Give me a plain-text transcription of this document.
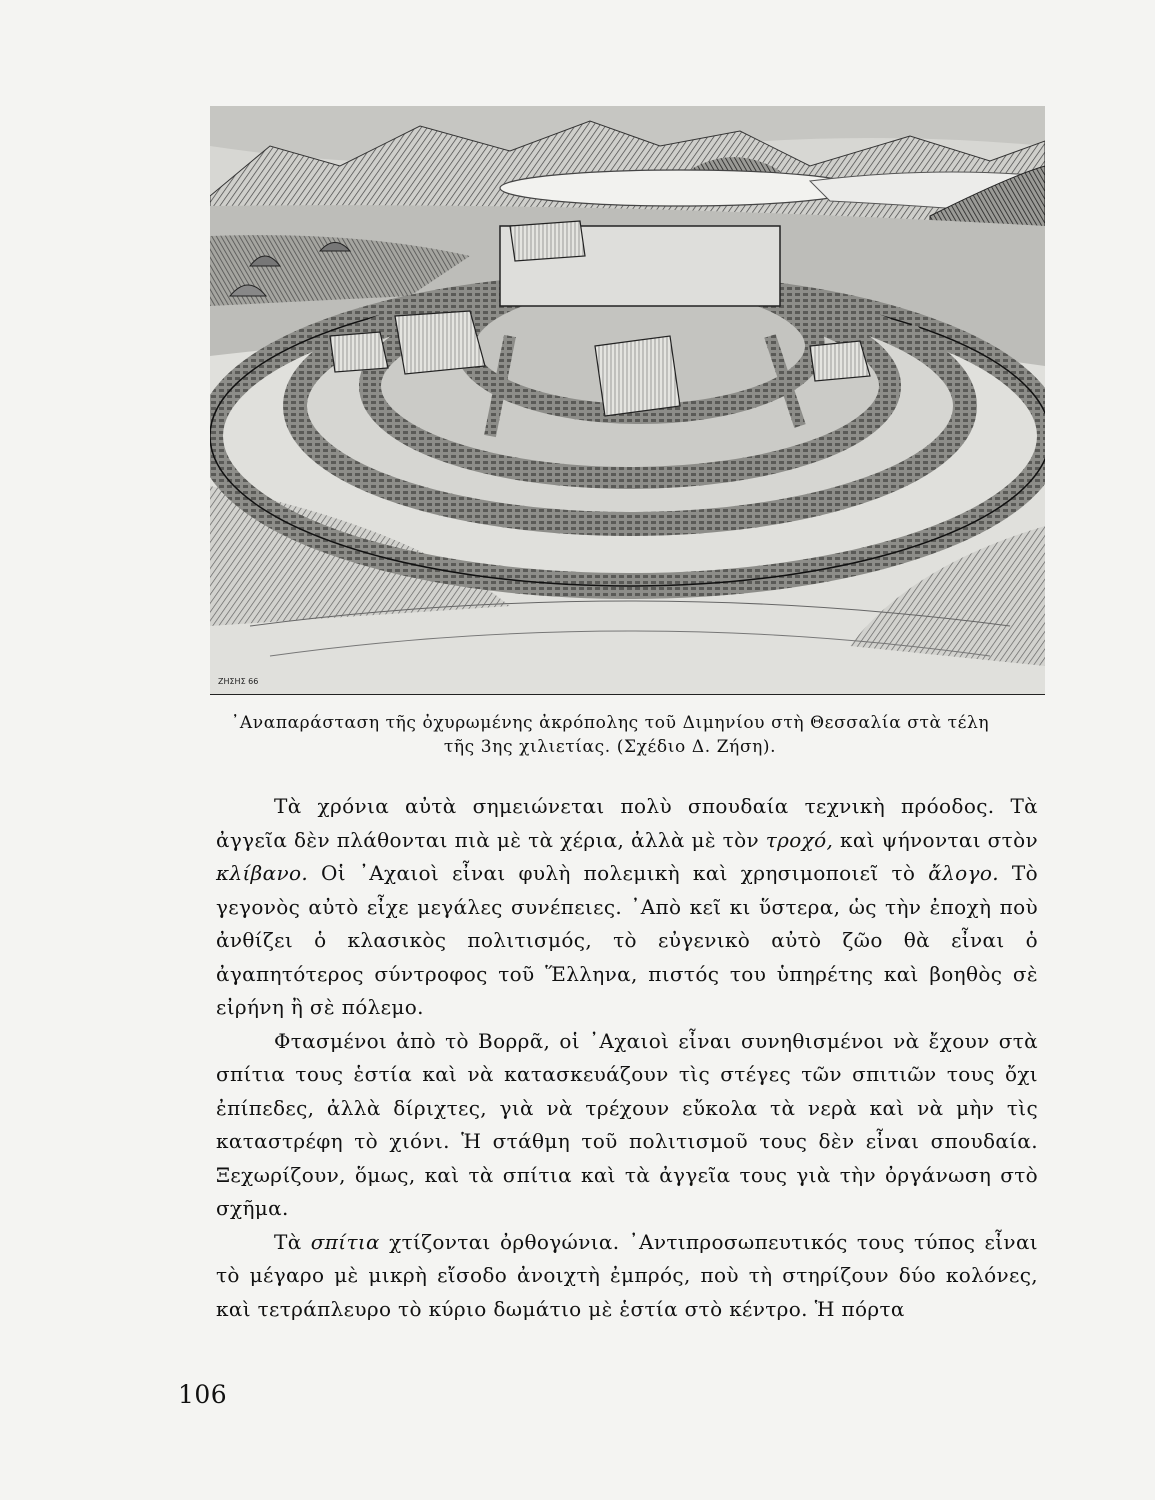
ZHΣHΣ 66
᾿Αναπαράσταση τῆς ὀχυρωμένης ἀκρόπολης τοῦ Διμηνίου στὴ Θεσσαλία στὰ τέλη
τῆς 3ης χιλιετίας. (Σχέδιο Δ. Ζήση).

Τὰ χρόνια αὐτὰ σημειώνεται πολὺ σπουδαία τεχνικὴ πρόοδος. Τὰ ἀγγεῖα δὲν πλάθονται πιὰ μὲ τὰ χέρια, ἀλλὰ μὲ τὸν τροχό, καὶ ψήνονται στὸν κλίβανο. Οἱ ᾿Αχαιοὶ εἶναι φυλὴ πολεμικὴ καὶ χρησιμοποιεῖ τὸ ἄλογο. Τὸ γεγονὸς αὐτὸ εἶχε μεγάλες συνέπειες. ᾿Απὸ κεῖ κι ὕστερα, ὡς τὴν ἐποχὴ ποὺ ἀνθίζει ὁ κλασικὸς πολιτισμός, τὸ εὐγενικὸ αὐτὸ ζῶο θὰ εἶναι ὁ ἀγαπητότερος σύντροφος τοῦ Ἕλληνα, πιστός του ὑπηρέτης καὶ βοηθὸς σὲ εἰρήνη ἢ σὲ πόλεμο.

Φτασμένοι ἀπὸ τὸ Βορρᾶ, οἱ ᾿Αχαιοὶ εἶναι συνηθισμένοι νὰ ἔχουν στὰ σπίτια τους ἑστία καὶ νὰ κατασκευάζουν τὶς στέγες τῶν σπιτιῶν τους ὄχι ἐπίπεδες, ἀλλὰ δίριχτες, γιὰ νὰ τρέχουν εὔκολα τὰ νερὰ καὶ νὰ μὴν τὶς καταστρέφη τὸ χιόνι. Ἡ στάθμη τοῦ πολιτισμοῦ τους δὲν εἶναι σπουδαία. Ξεχωρίζουν, ὅμως, καὶ τὰ σπίτια καὶ τὰ ἀγγεῖα τους γιὰ τὴν ὀργάνωση στὸ σχῆμα.

Τὰ σπίτια χτίζονται ὀρθογώνια. ᾿Αντιπροσωπευτικός τους τύπος εἶναι τὸ μέγαρο μὲ μικρὴ εἴσοδο ἀνοιχτὴ ἐμπρός, ποὺ τὴ στηρίζουν δύο κολόνες, καὶ τετράπλευρο τὸ κύριο δωμάτιο μὲ ἑστία στὸ κέντρο. Ἡ πόρτα

106
